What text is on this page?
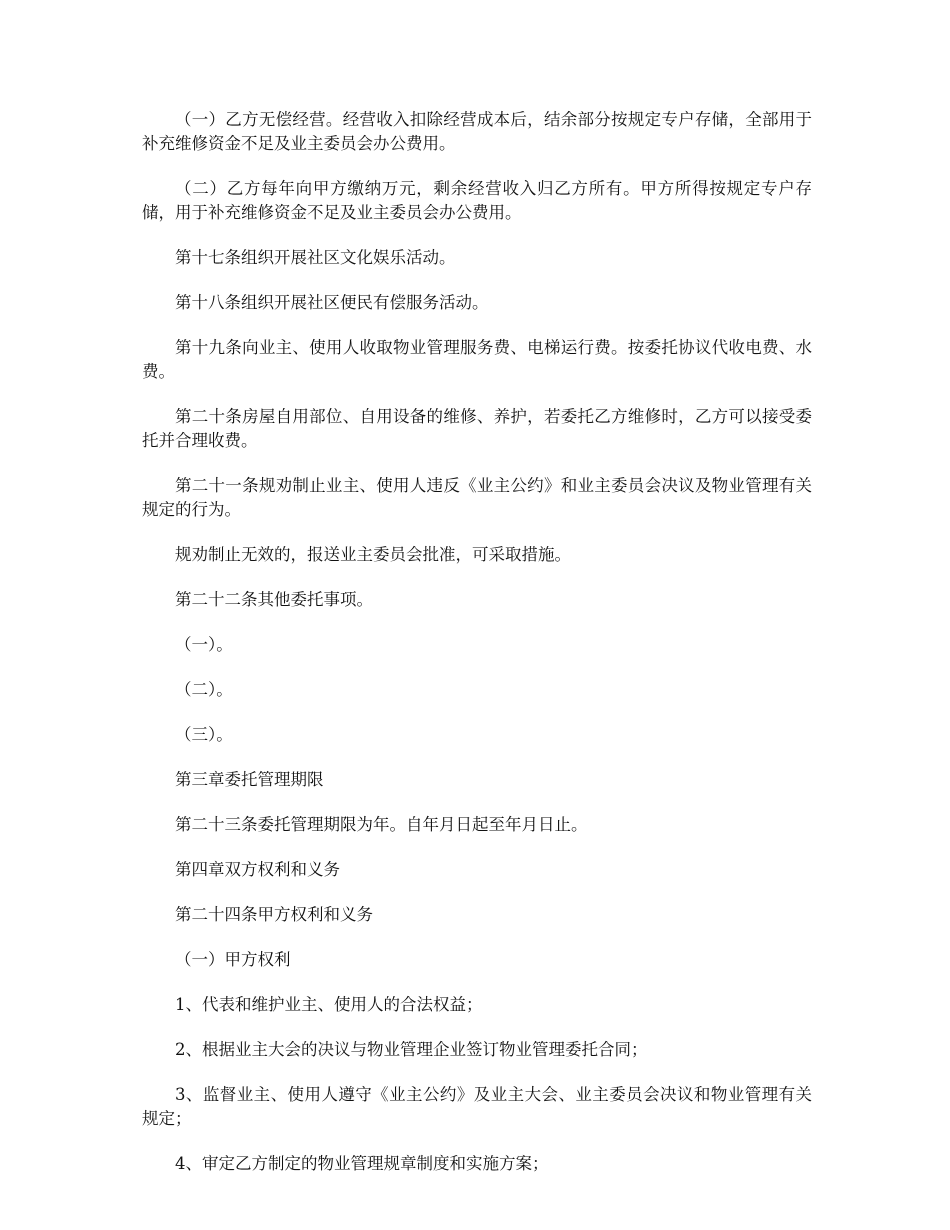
（一）乙方无偿经营。经营收入扣除经营成本后，结余部分按规定专户存储，全部用于补充维修资金不足及业主委员会办公费用。

（二）乙方每年向甲方缴纳万元，剩余经营收入归乙方所有。甲方所得按规定专户存储，用于补充维修资金不足及业主委员会办公费用。

第十七条组织开展社区文化娱乐活动。

第十八条组织开展社区便民有偿服务活动。

第十九条向业主、使用人收取物业管理服务费、电梯运行费。按委托协议代收电费、水费。

第二十条房屋自用部位、自用设备的维修、养护，若委托乙方维修时，乙方可以接受委托并合理收费。

第二十一条规劝制止业主、使用人违反《业主公约》和业主委员会决议及物业管理有关规定的行为。

规劝制止无效的，报送业主委员会批准，可采取措施。

第二十二条其他委托事项。

（一）。

（二）。

（三）。

第三章委托管理期限

第二十三条委托管理期限为年。自年月日起至年月日止。

第四章双方权利和义务

第二十四条甲方权利和义务

（一）甲方权利

1、代表和维护业主、使用人的合法权益；

2、根据业主大会的决议与物业管理企业签订物业管理委托合同；

3、监督业主、使用人遵守《业主公约》及业主大会、业主委员会决议和物业管理有关规定；

4、审定乙方制定的物业管理规章制度和实施方案；
